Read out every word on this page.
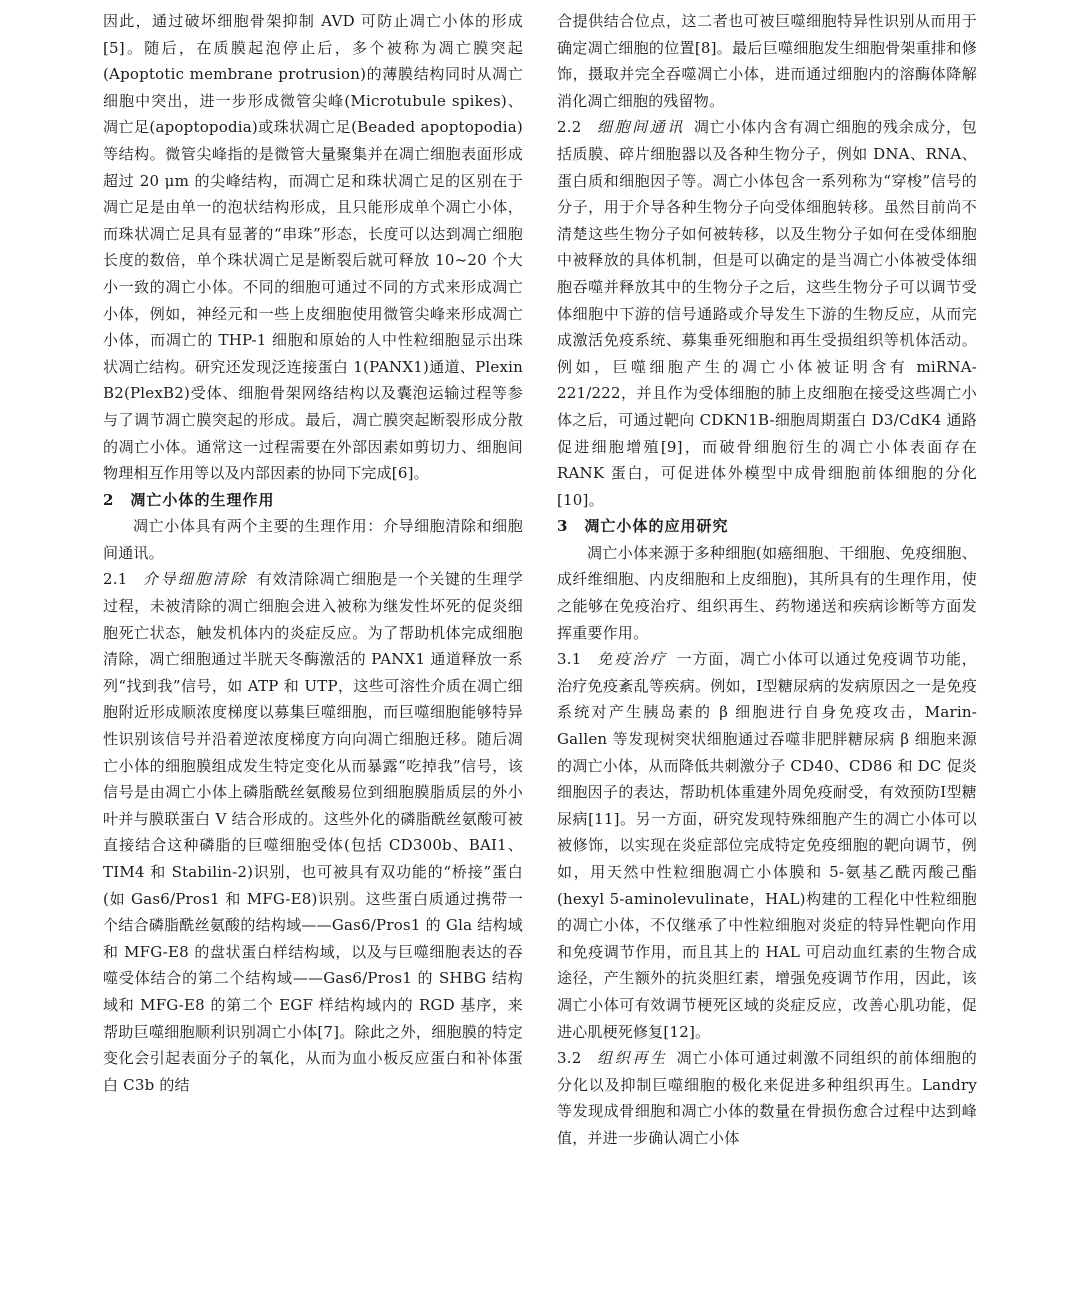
因此，通过破坏细胞骨架抑制 AVD 可防止凋亡小体的形成[5]。随后，在质膜起泡停止后，多个被称为凋亡膜突起(Apoptotic membrane protrusion)的薄膜结构同时从凋亡细胞中突出，进一步形成微管尖峰(Microtubule spikes)、凋亡足(apoptopodia)或珠状凋亡足(Beaded apoptopodia)等结构。微管尖峰指的是微管大量聚集并在凋亡细胞表面形成超过 20 μm 的尖峰结构，而凋亡足和珠状凋亡足的区别在于凋亡足是由单一的泡状结构形成，且只能形成单个凋亡小体，而珠状凋亡足具有显著的“串珠”形态，长度可以达到凋亡细胞长度的数倍，单个珠状凋亡足是断裂后就可释放 10~20 个大小一致的凋亡小体。不同的细胞可通过不同的方式来形成凋亡小体，例如，神经元和一些上皮细胞使用微管尖峰来形成凋亡小体，而凋亡的 THP-1 细胞和原始的人中性粒细胞显示出珠状凋亡结构。研究还发现泛连接蛋白 1(PANX1)通道、Plexin B2(PlexB2)受体、细胞骨架网络结构以及囊泡运输过程等参与了调节凋亡膜突起的形成。最后，凋亡膜突起断裂形成分散的凋亡小体。通常这一过程需要在外部因素如剪切力、细胞间物理相互作用等以及内部因素的协同下完成[6]。

2　凋亡小体的生理作用

凋亡小体具有两个主要的生理作用：介导细胞清除和细胞间通讯。

2.1 介导细胞清除 有效清除凋亡细胞是一个关键的生理学过程，未被清除的凋亡细胞会进入被称为继发性坏死的促炎细胞死亡状态，触发机体内的炎症反应。为了帮助机体完成细胞清除，凋亡细胞通过半胱天冬酶激活的 PANX1 通道释放一系列“找到我”信号，如 ATP 和 UTP，这些可溶性介质在凋亡细胞附近形成顺浓度梯度以募集巨噬细胞，而巨噬细胞能够特异性识别该信号并沿着逆浓度梯度方向向凋亡细胞迁移。随后凋亡小体的细胞膜组成发生特定变化从而暴露“吃掉我”信号，该信号是由凋亡小体上磷脂酰丝氨酸易位到细胞膜脂质层的外小叶并与膜联蛋白 V 结合形成的。这些外化的磷脂酰丝氨酸可被直接结合这种磷脂的巨噬细胞受体(包括 CD300b、BAI1、TIM4 和 Stabilin-2)识别，也可被具有双功能的“桥接”蛋白(如 Gas6/Pros1 和 MFG-E8)识别。这些蛋白质通过携带一个结合磷脂酰丝氨酸的结构域——Gas6/Pros1 的 Gla 结构域和 MFG-E8 的盘状蛋白样结构域，以及与巨噬细胞表达的吞噬受体结合的第二个结构域——Gas6/Pros1 的 SHBG 结构域和 MFG-E8 的第二个 EGF 样结构域内的 RGD 基序，来帮助巨噬细胞顺利识别凋亡小体[7]。除此之外，细胞膜的特定变化会引起表面分子的氧化，从而为血小板反应蛋白和补体蛋白 C3b 的结

合提供结合位点，这二者也可被巨噬细胞特异性识别从而用于确定凋亡细胞的位置[8]。最后巨噬细胞发生细胞骨架重排和修饰，摄取并完全吞噬凋亡小体，进而通过细胞内的溶酶体降解消化凋亡细胞的残留物。

2.2 细胞间通讯 凋亡小体内含有凋亡细胞的残余成分，包括质膜、碎片细胞器以及各种生物分子，例如 DNA、RNA、蛋白质和细胞因子等。凋亡小体包含一系列称为“穿梭”信号的分子，用于介导各种生物分子向受体细胞转移。虽然目前尚不清楚这些生物分子如何被转移，以及生物分子如何在受体细胞中被释放的具体机制，但是可以确定的是当凋亡小体被受体细胞吞噬并释放其中的生物分子之后，这些生物分子可以调节受体细胞中下游的信号通路或介导发生下游的生物反应，从而完成激活免疫系统、募集垂死细胞和再生受损组织等机体活动。例如，巨噬细胞产生的凋亡小体被证明含有 miRNA-221/222，并且作为受体细胞的肺上皮细胞在接受这些凋亡小体之后，可通过靶向 CDKN1B-细胞周期蛋白 D3/CdK4 通路促进细胞增殖[9]，而破骨细胞衍生的凋亡小体表面存在 RANK 蛋白，可促进体外模型中成骨细胞前体细胞的分化[10]。

3　凋亡小体的应用研究

凋亡小体来源于多种细胞(如癌细胞、干细胞、免疫细胞、成纤维细胞、内皮细胞和上皮细胞)，其所具有的生理作用，使之能够在免疫治疗、组织再生、药物递送和疾病诊断等方面发挥重要作用。

3.1 免疫治疗 一方面，凋亡小体可以通过免疫调节功能，治疗免疫紊乱等疾病。例如，Ⅰ型糖尿病的发病原因之一是免疫系统对产生胰岛素的 β 细胞进行自身免疫攻击，Marin-Gallen 等发现树突状细胞通过吞噬非肥胖糖尿病 β 细胞来源的凋亡小体，从而降低共刺激分子 CD40、CD86 和 DC 促炎细胞因子的表达，帮助机体重建外周免疫耐受，有效预防Ⅰ型糖尿病[11]。另一方面，研究发现特殊细胞产生的凋亡小体可以被修饰，以实现在炎症部位完成特定免疫细胞的靶向调节，例如，用天然中性粒细胞凋亡小体膜和 5-氨基乙酰丙酸己酯(hexyl 5-aminolevulinate，HAL)构建的工程化中性粒细胞的凋亡小体，不仅继承了中性粒细胞对炎症的特异性靶向作用和免疫调节作用，而且其上的 HAL 可启动血红素的生物合成途径，产生额外的抗炎胆红素，增强免疫调节作用，因此，该凋亡小体可有效调节梗死区域的炎症反应，改善心肌功能，促进心肌梗死修复[12]。

3.2 组织再生 凋亡小体可通过刺激不同组织的前体细胞的分化以及抑制巨噬细胞的极化来促进多种组织再生。Landry 等发现成骨细胞和凋亡小体的数量在骨损伤愈合过程中达到峰值，并进一步确认凋亡小体
